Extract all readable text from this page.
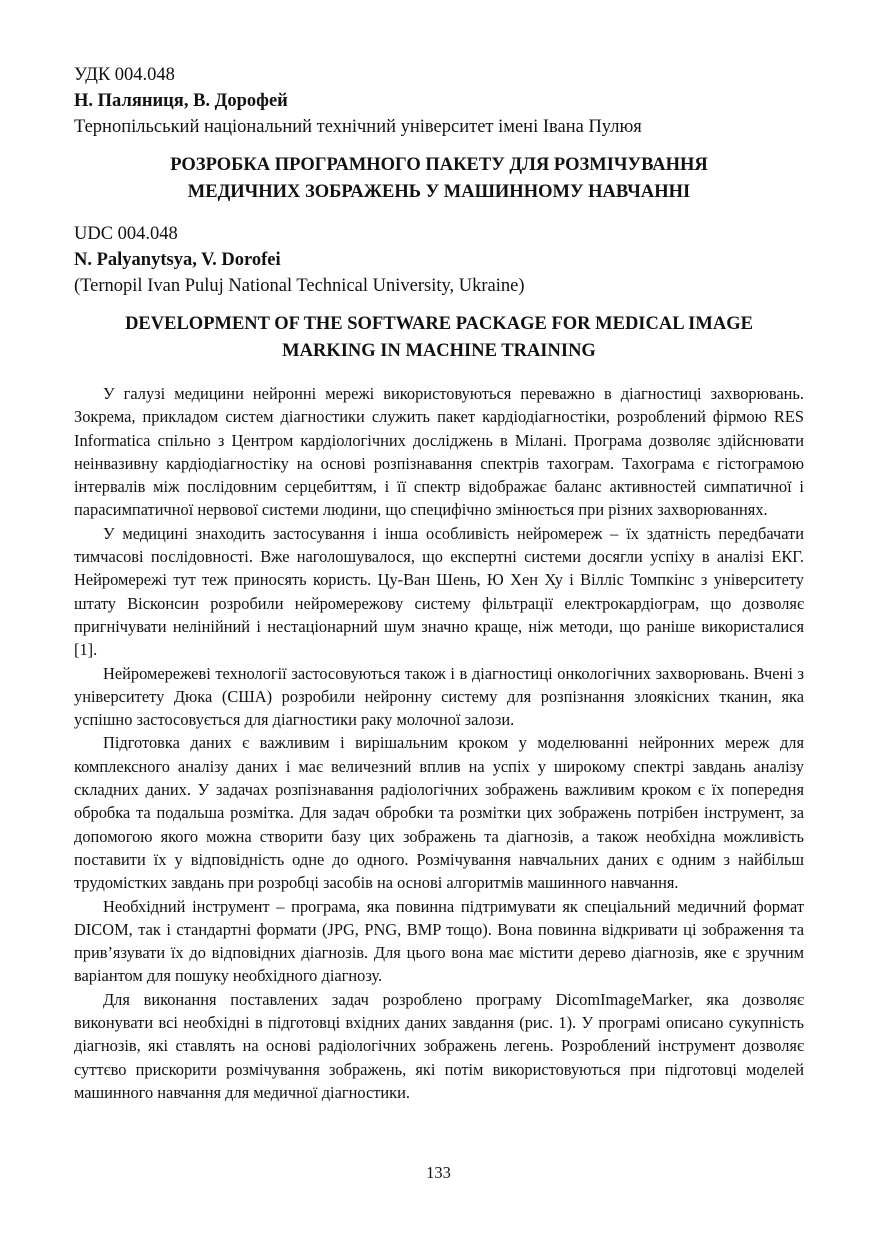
УДК 004.048
Н. Паляниця, В. Дорофей
Тернопільський національний технічний університет імені Івана Пулюя
РОЗРОБКА ПРОГРАМНОГО ПАКЕТУ ДЛЯ РОЗМІЧУВАННЯ
МЕДИЧНИХ ЗОБРАЖЕНЬ У МАШИННОМУ НАВЧАННІ
UDC 004.048
N. Palyanytsya, V. Dorofei
(Ternopil Ivan Puluj National Technical University, Ukraine)
DEVELOPMENT OF THE SOFTWARE PACKAGE FOR MEDICAL IMAGE
MARKING IN MACHINE TRAINING

У галузі медицини нейронні мережі використовуються переважно в діагностиці захворювань. Зокрема, прикладом систем діагностики служить пакет кардіодіагностіки, розроблений фірмою RES Informatica спільно з Центром кардіологічних досліджень в Мілані. Програма дозволяє здійснювати неінвазивну кардіодіагностіку на основі розпізнавання спектрів тахограм. Тахограма є гістограмою інтервалів між послідовним серцебиттям, і її спектр відображає баланс активностей симпатичної і парасимпатичної нервової системи людини, що специфічно змінюється при різних захворюваннях.

У медицині знаходить застосування і інша особливість нейромереж – їх здатність передбачати тимчасові послідовності. Вже наголошувалося, що експертні системи досягли успіху в аналізі ЕКГ. Нейромережі тут теж приносять користь. Цу-Ван Шень, Ю Хен Ху і Вілліс Томпкінс з університету штату Вісконсин розробили нейромережову систему фільтрації електрокардіограм, що дозволяє пригнічувати нелінійний і нестаціонарний шум значно краще, ніж методи, що раніше використалися [1].

Нейромережеві технології застосовуються також і в діагностиці онкологічних захворювань. Вчені з університету Дюка (США) розробили нейронну систему для розпізнання злоякісних тканин, яка успішно застосовується для діагностики раку молочної залози.

Підготовка даних є важливим і вирішальним кроком у моделюванні нейронних мереж для комплексного аналізу даних і має величезний вплив на успіх у широкому спектрі завдань аналізу складних даних. У задачах розпізнавання радіологічних зображень важливим кроком є їх попередня обробка та подальша розмітка. Для задач обробки та розмітки цих зображень потрібен інструмент, за допомогою якого можна створити базу цих зображень та діагнозів, а також необхідна можливість поставити їх у відповідність одне до одного. Розмічування навчальних даних є одним з найбільш трудомістких завдань при розробці засобів на основі алгоритмів машинного навчання.

Необхідний інструмент – програма, яка повинна підтримувати як спеціальний медичний формат DICOM, так і стандартні формати (JPG, PNG, BMP тощо). Вона повинна відкривати ці зображення та прив’язувати їх до відповідних діагнозів. Для цього вона має містити дерево діагнозів, яке є зручним варіантом для пошуку необхідного діагнозу.

Для виконання поставлених задач розроблено програму DicomImageMarker, яка дозволяє виконувати всі необхідні в підготовці вхідних даних завдання (рис. 1). У програмі описано сукупність діагнозів, які ставлять на основі радіологічних зображень легень. Розроблений інструмент дозволяє суттєво прискорити розмічування зображень, які потім використовуються при підготовці моделей машинного навчання для медичної діагностики.

133
